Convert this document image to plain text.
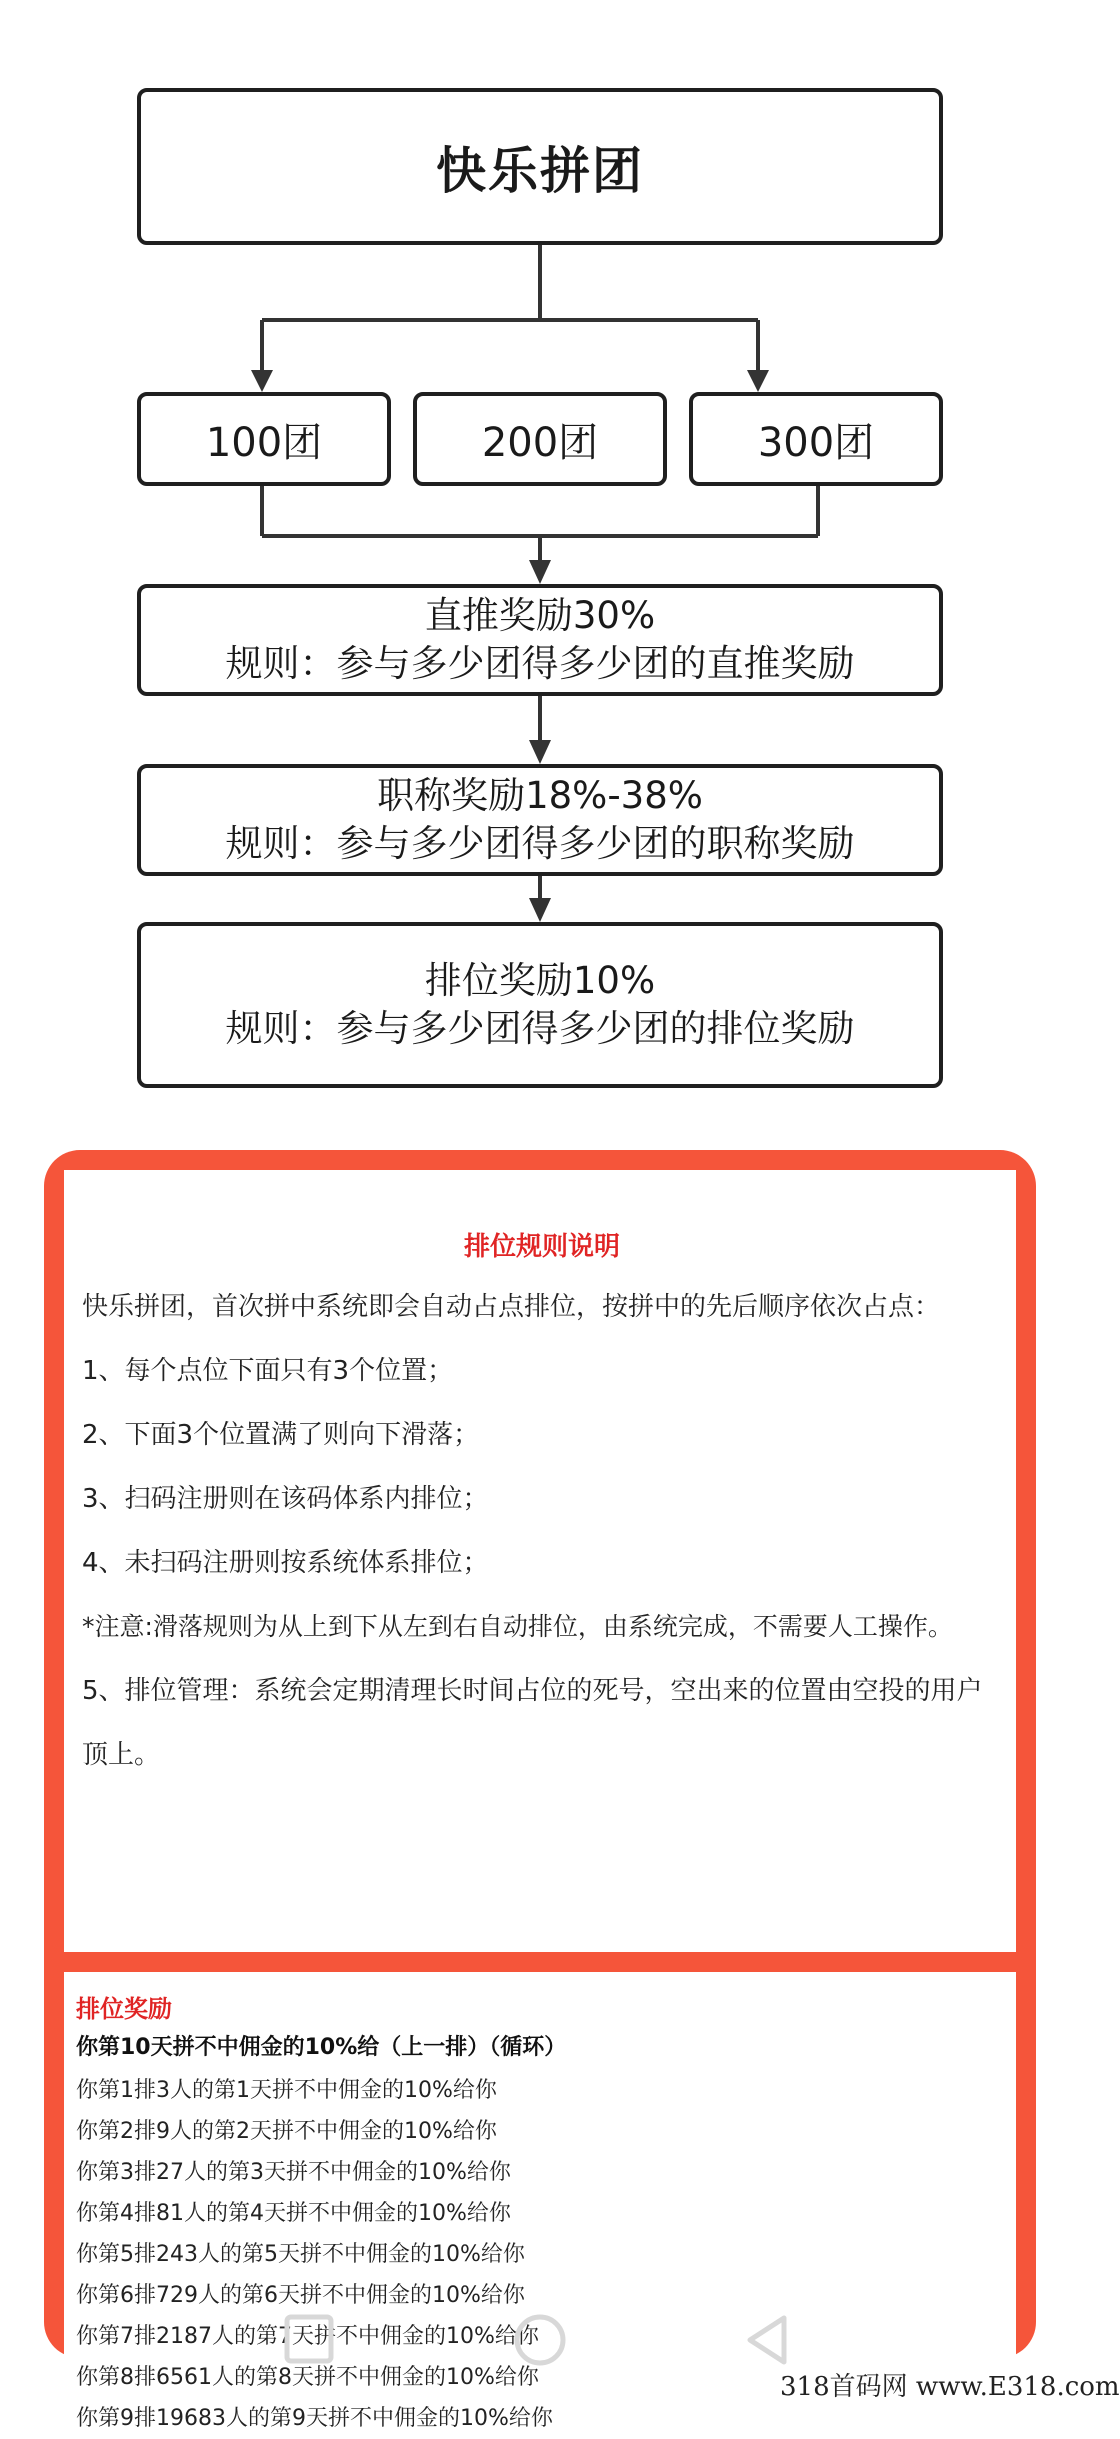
快乐拼团
100团	200团	300团
直推奖励30%
规则：参与多少团得多少团的直推奖励
职称奖励18%-38%
规则：参与多少团得多少团的职称奖励
排位奖励10%
规则：参与多少团得多少团的排位奖励
排位规则说明
快乐拼团，首次拼中系统即会自动占点排位，按拼中的先后顺序依次占点：
1、每个点位下面只有3个位置；
2、下面3个位置满了则向下滑落；
3、扫码注册则在该码体系内排位；
4、未扫码注册则按系统体系排位；
*注意:滑落规则为从上到下从左到右自动排位，由系统完成，不需要人工操作。
5、排位管理：系统会定期清理长时间占位的死号，空出来的位置由空投的用户顶上。
排位奖励
你第10天拼不中佣金的10%给（上一排）（循环）
你第1排3人的第1天拼不中佣金的10%给你
你第2排9人的第2天拼不中佣金的10%给你
你第3排27人的第3天拼不中佣金的10%给你
你第4排81人的第4天拼不中佣金的10%给你
你第5排243人的第5天拼不中佣金的10%给你
你第6排729人的第6天拼不中佣金的10%给你
你第7排2187人的第7天拼不中佣金的10%给你
你第8排6561人的第8天拼不中佣金的10%给你
你第9排19683人的第9天拼不中佣金的10%给你
318首码网 www.E318.com
